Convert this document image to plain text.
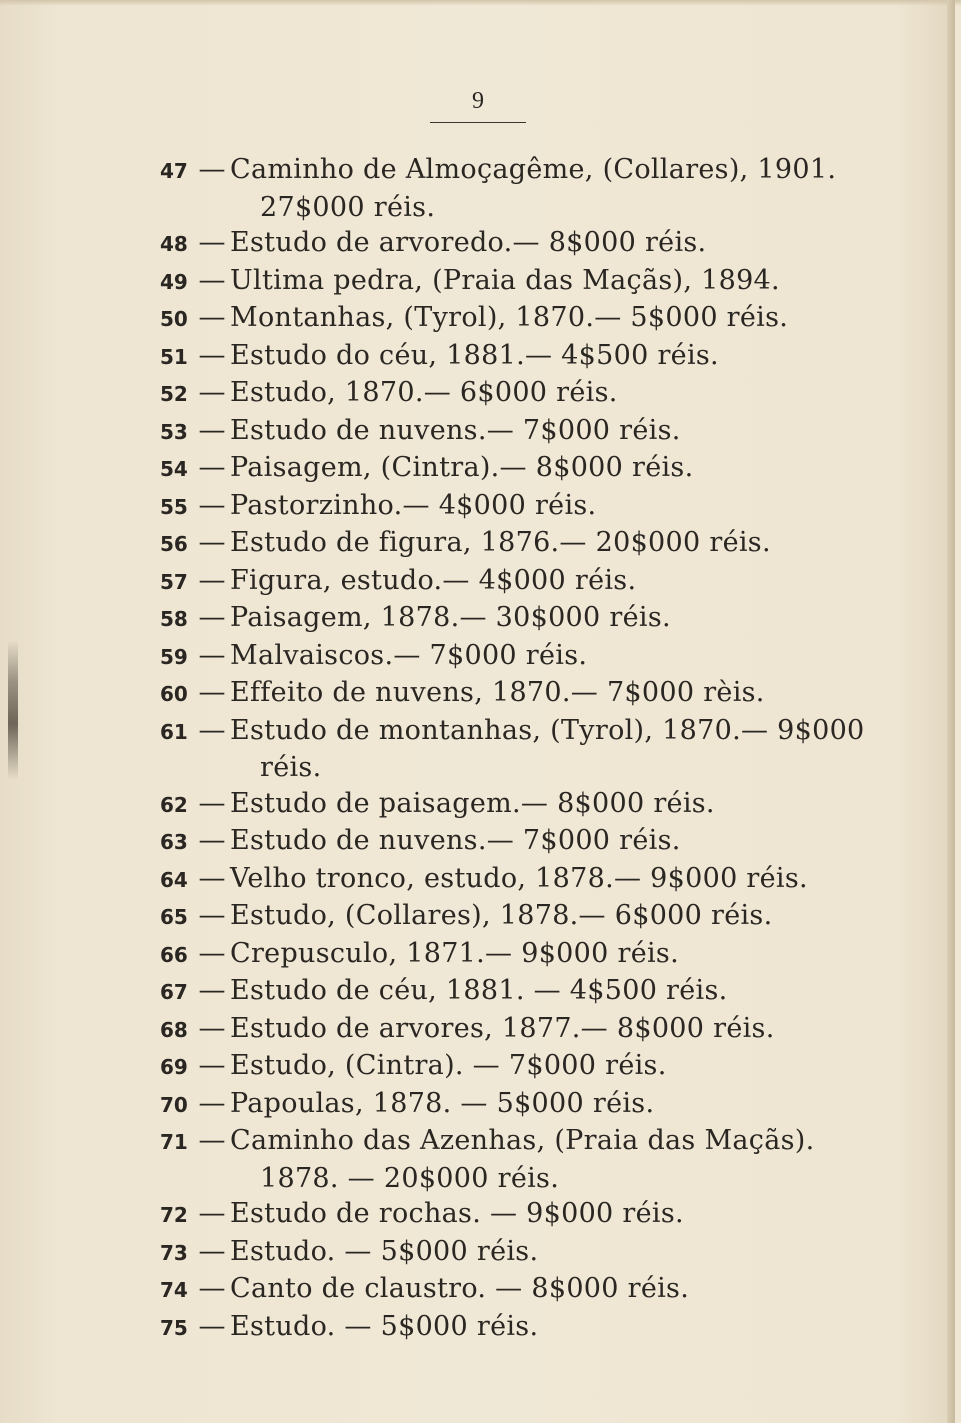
9
47 — Caminho de Almoçagême, (Collares), 1901.
27$000 réis.
48 — Estudo de arvoredo.— 8$000 réis.
49 — Ultima pedra, (Praia das Maçãs), 1894.
50 — Montanhas, (Tyrol), 1870.— 5$000 réis.
51 — Estudo do céu, 1881.— 4$500 réis.
52 — Estudo, 1870.— 6$000 réis.
53 — Estudo de nuvens.— 7$000 réis.
54 — Paisagem, (Cintra).— 8$000 réis.
55 — Pastorzinho.— 4$000 réis.
56 — Estudo de figura, 1876.— 20$000 réis.
57 — Figura, estudo.— 4$000 réis.
58 — Paisagem, 1878.— 30$000 réis.
59 — Malvaiscos.— 7$000 réis.
60 — Effeito de nuvens, 1870.— 7$000 rèis.
61 — Estudo de montanhas, (Tyrol), 1870.— 9$000
réis.
62 — Estudo de paisagem.— 8$000 réis.
63 — Estudo de nuvens.— 7$000 réis.
64 — Velho tronco, estudo, 1878.— 9$000 réis.
65 — Estudo, (Collares), 1878.— 6$000 réis.
66 — Crepusculo, 1871.— 9$000 réis.
67 — Estudo de céu, 1881. — 4$500 réis.
68 — Estudo de arvores, 1877.— 8$000 réis.
69 — Estudo, (Cintra). — 7$000 réis.
70 — Papoulas, 1878. — 5$000 réis.
71 — Caminho das Azenhas, (Praia das Maçãs).
1878. — 20$000 réis.
72 — Estudo de rochas. — 9$000 réis.
73 — Estudo. — 5$000 réis.
74 — Canto de claustro. — 8$000 réis.
75 — Estudo. — 5$000 réis.
